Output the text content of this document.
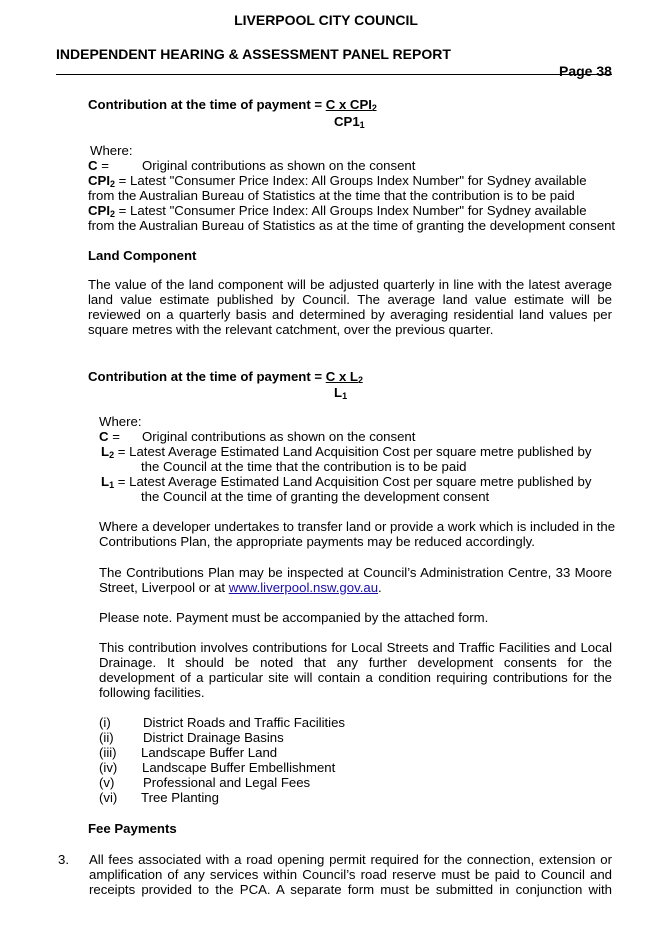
LIVERPOOL CITY COUNCIL
INDEPENDENT HEARING & ASSESSMENT PANEL REPORT
Page 38
Contribution at the time of payment = C x $CPI_2$
$CP1_1$
Where:
C =	Original contributions as shown on the consent
$CPI_2$ = Latest "Consumer Price Index: All Groups Index Number" for Sydney available
from the Australian Bureau of Statistics at the time that the contribution is to be paid
$CPI_2$ = Latest "Consumer Price Index: All Groups Index Number" for Sydney available
from the Australian Bureau of Statistics as at the time of granting the development consent
Land Component
The value of the land component will be adjusted quarterly in line with the latest average
land value estimate published by Council. The average land value estimate will be
reviewed on a quarterly basis and determined by averaging residential land values per
square metres with the relevant catchment, over the previous quarter.
Contribution at the time of payment = C x $L_2$
$L_1$
Where:
C = Original contributions as shown on the consent
$L_2$ = Latest Average Estimated Land Acquisition Cost per square metre published by
the Council at the time that the contribution is to be paid
$L_1$ = Latest Average Estimated Land Acquisition Cost per square metre published by
the Council at the time of granting the development consent
Where a developer undertakes to transfer land or provide a work which is included in the
Contributions Plan, the appropriate payments may be reduced accordingly.
The Contributions Plan may be inspected at Council’s Administration Centre, 33 Moore
Street, Liverpool or at www.liverpool.nsw.gov.au.
Please note. Payment must be accompanied by the attached form.
This contribution involves contributions for Local Streets and Traffic Facilities and Local
Drainage. It should be noted that any further development consents for the
development of a particular site will contain a condition requiring contributions for the
following facilities.
(i) District Roads and Traffic Facilities
(ii) District Drainage Basins
(iii) Landscape Buffer Land
(iv) Landscape Buffer Embellishment
(v) Professional and Legal Fees
(vi) Tree Planting
Fee Payments
3. All fees associated with a road opening permit required for the connection, extension or
amplification of any services within Council’s road reserve must be paid to Council and
receipts provided to the PCA. A separate form must be submitted in conjunction with
